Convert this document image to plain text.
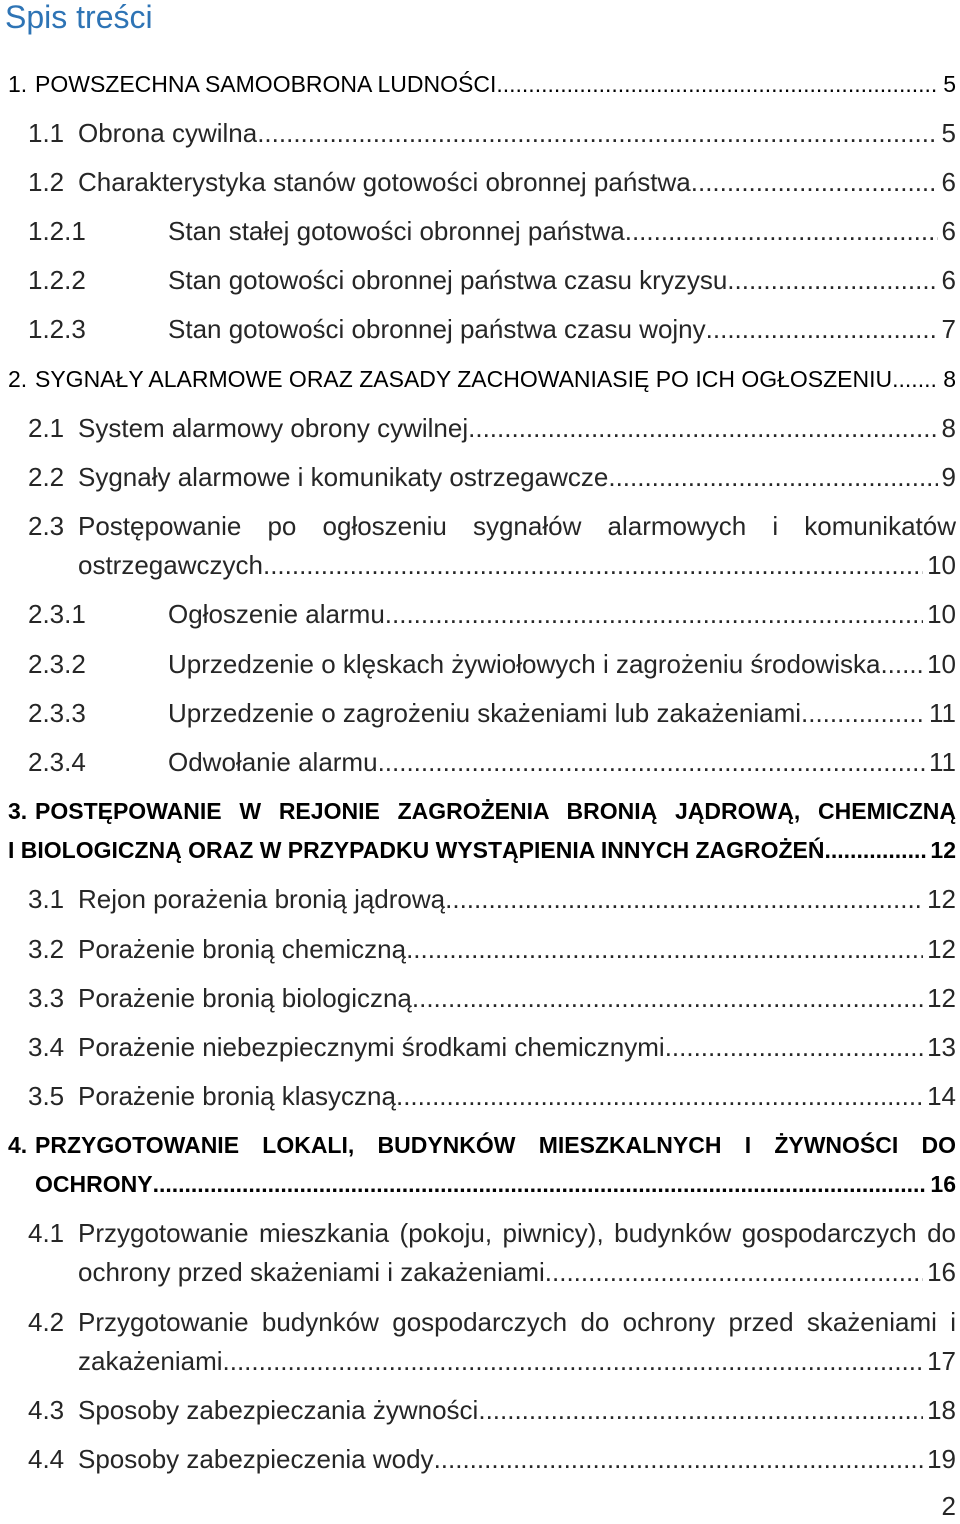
Spis treści
1. POWSZECHNA SAMOOBRONA LUDNOŚCI .....	5
1.1 Obrona cywilna .....	5
1.2 Charakterystyka stanów gotowości obronnej państwa .....	6
1.2.1	Stan stałej gotowości obronnej państwa .....	6
1.2.2	Stan gotowości obronnej państwa czasu kryzysu .....	6
1.2.3	Stan gotowości obronnej państwa czasu wojny .....	7
2. SYGNAŁY ALARMOWE ORAZ ZASADY ZACHOWANIASIĘ PO ICH OGŁOSZENIU ..... 8
2.1 System alarmowy obrony cywilnej .....	8
2.2 Sygnały alarmowe i komunikaty ostrzegawcze .....	9
2.3 Postępowanie po ogłoszeniu sygnałów alarmowych i komunikatów
ostrzegawczych .....	10
2.3.1	Ogłoszenie alarmu .....	10
2.3.2	Uprzedzenie o klęskach żywiołowych i zagrożeniu środowiska ..... 10
2.3.3	Uprzedzenie o zagrożeniu skażeniami lub zakażeniami .....	11
2.3.4	Odwołanie alarmu .....	11
3. POSTĘPOWANIE W REJONIE ZAGROŻENIA BRONIĄ JĄDROWĄ, CHEMICZNĄ
I BIOLOGICZNĄ ORAZ W PRZYPADKU WYSTĄPIENIA INNYCH ZAGROŻEŃ .....	12
3.1 Rejon porażenia bronią jądrową .....	12
3.2 Porażenie bronią chemiczną .....	12
3.3 Porażenie bronią biologiczną .....	12
3.4 Porażenie niebezpiecznymi środkami chemicznymi .....	13
3.5 Porażenie bronią klasyczną .....	14
4. PRZYGOTOWANIE LOKALI, BUDYNKÓW MIESZKALNYCH I ŻYWNOŚCI DO
OCHRONY .....	16
4.1 Przygotowanie mieszkania (pokoju, piwnicy), budynków gospodarczych do
ochrony przed skażeniami i zakażeniami .....	16
4.2 Przygotowanie budynków gospodarczych do ochrony przed skażeniami i
zakażeniami .....	17
4.3 Sposoby zabezpieczania żywności .....	18
4.4 Sposoby zabezpieczenia wody .....	19
2
